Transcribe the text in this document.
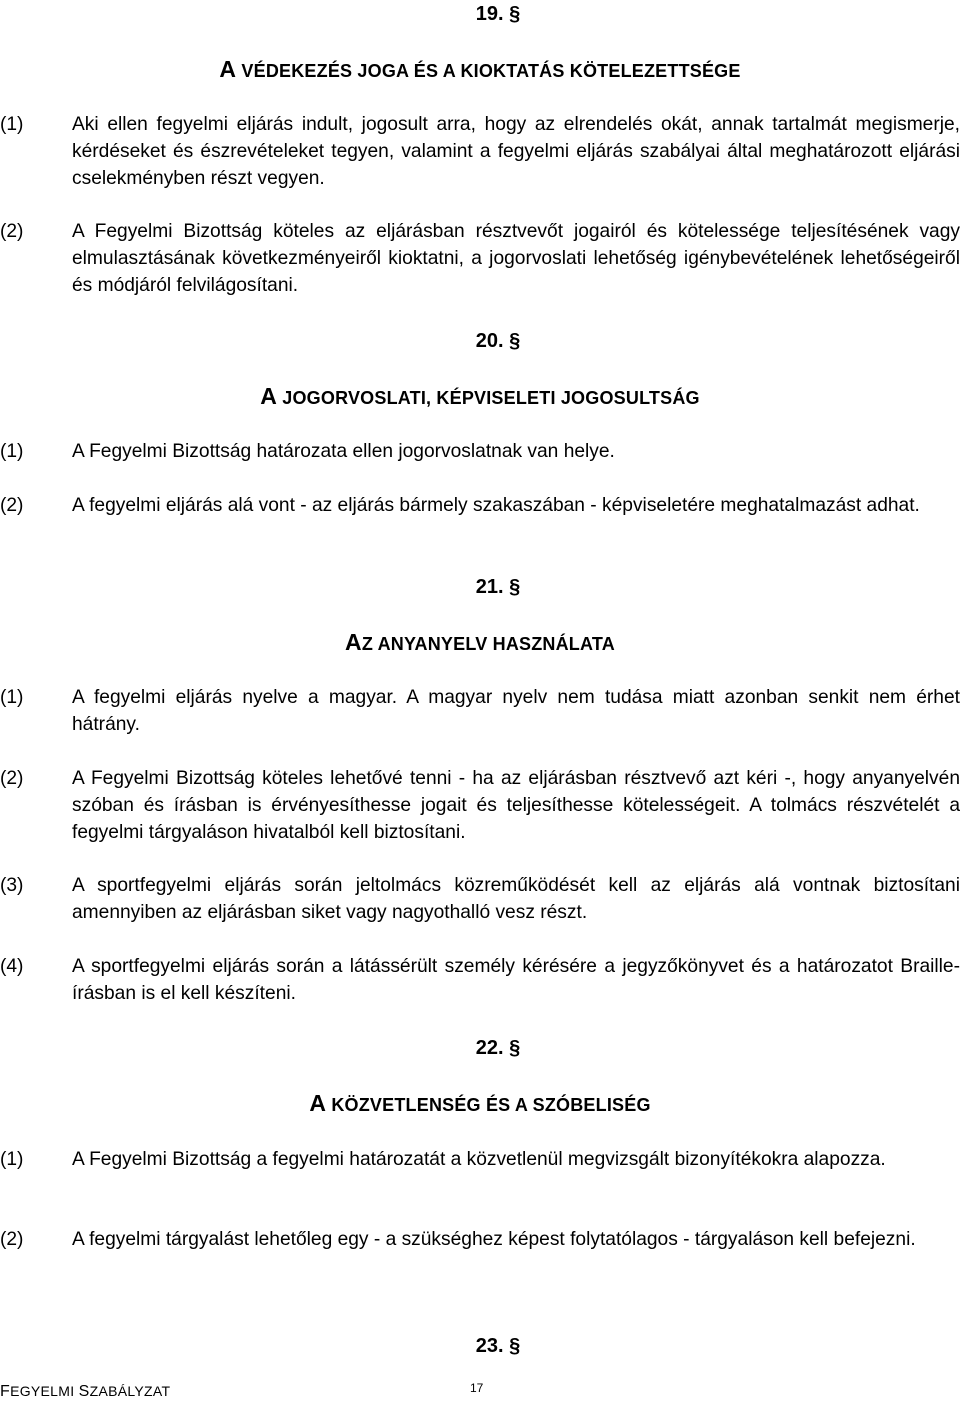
19. §
A VÉDEKEZÉS JOGA ÉS A KIOKTATÁS KÖTELEZETTSÉGE
(1)	Aki ellen fegyelmi eljárás indult, jogosult arra, hogy az elrendelés okát, annak tartalmát megismerje, kérdéseket és észrevételeket tegyen, valamint a fegyelmi eljárás szabályai által meghatározott eljárási cselekményben részt vegyen.
(2)	A Fegyelmi Bizottság köteles az eljárásban résztvevőt jogairól és kötelessége teljesítésének vagy elmulasztásának következményeiről kioktatni, a jogorvoslati lehetőség igénybevételének lehetőségeiről és módjáról felvilágosítani.
20. §
A JOGORVOSLATI, KÉPVISELETI JOGOSULTSÁG
(1)	A Fegyelmi Bizottság határozata ellen jogorvoslatnak van helye.
(2)	A fegyelmi eljárás alá vont - az eljárás bármely szakaszában - képviseletére meghatalmazást adhat.
21. §
AZ ANYANYELV HASZNÁLATA
(1)	A fegyelmi eljárás nyelve a magyar. A magyar nyelv nem tudása miatt azonban senkit nem érhet hátrány.
(2)	A Fegyelmi Bizottság köteles lehetővé tenni - ha az eljárásban résztvevő azt kéri -, hogy anyanyelvén szóban és írásban is érvényesíthesse jogait és teljesíthesse kötelességeit. A tolmács részvételét a fegyelmi tárgyaláson hivatalból kell biztosítani.
(3)	A sportfegyelmi eljárás során jeltolmács közreműködését kell az eljárás alá vontnak biztosítani amennyiben az eljárásban siket vagy nagyothalló vesz részt.
(4)	A sportfegyelmi eljárás során a látássérült személy kérésére a jegyzőkönyvet és a határozatot Braille-írásban is el kell készíteni.
22. §
A KÖZVETLENSÉG ÉS A SZÓBELISÉG
(1)	A Fegyelmi Bizottság a fegyelmi határozatát a közvetlenül megvizsgált bizonyítékokra alapozza.
(2)	A fegyelmi tárgyalást lehetőleg egy - a szükséghez képest folytatólagos - tárgyaláson kell befejezni.
23. §
FEGYELMI SZABÁLYZAT	17
